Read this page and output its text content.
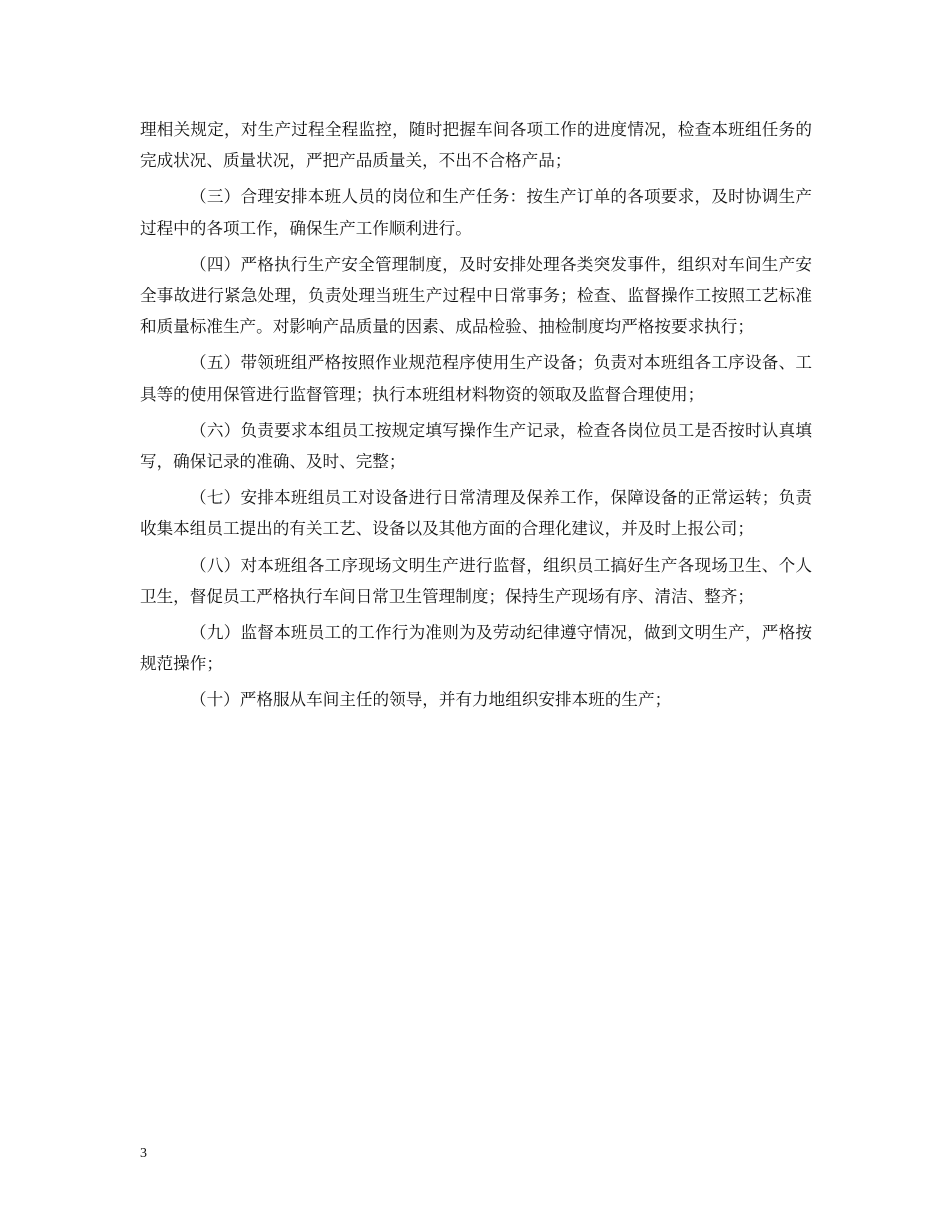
理相关规定，对生产过程全程监控，随时把握车间各项工作的进度情况，检查本班组任务的完成状况、质量状况，严把产品质量关，不出不合格产品；

（三）合理安排本班人员的岗位和生产任务：按生产订单的各项要求，及时协调生产过程中的各项工作，确保生产工作顺利进行。

（四）严格执行生产安全管理制度，及时安排处理各类突发事件，组织对车间生产安全事故进行紧急处理，负责处理当班生产过程中日常事务；检查、监督操作工按照工艺标准和质量标准生产。对影响产品质量的因素、成品检验、抽检制度均严格按要求执行；

（五）带领班组严格按照作业规范程序使用生产设备；负责对本班组各工序设备、工具等的使用保管进行监督管理；执行本班组材料物资的领取及监督合理使用；

（六）负责要求本组员工按规定填写操作生产记录，检查各岗位员工是否按时认真填写，确保记录的准确、及时、完整；

（七）安排本班组员工对设备进行日常清理及保养工作，保障设备的正常运转；负责收集本组员工提出的有关工艺、设备以及其他方面的合理化建议，并及时上报公司；

（八）对本班组各工序现场文明生产进行监督，组织员工搞好生产各现场卫生、个人卫生，督促员工严格执行车间日常卫生管理制度；保持生产现场有序、清洁、整齐；

（九）监督本班员工的工作行为准则为及劳动纪律遵守情况，做到文明生产，严格按规范操作；

（十）严格服从车间主任的领导，并有力地组织安排本班的生产；

3
